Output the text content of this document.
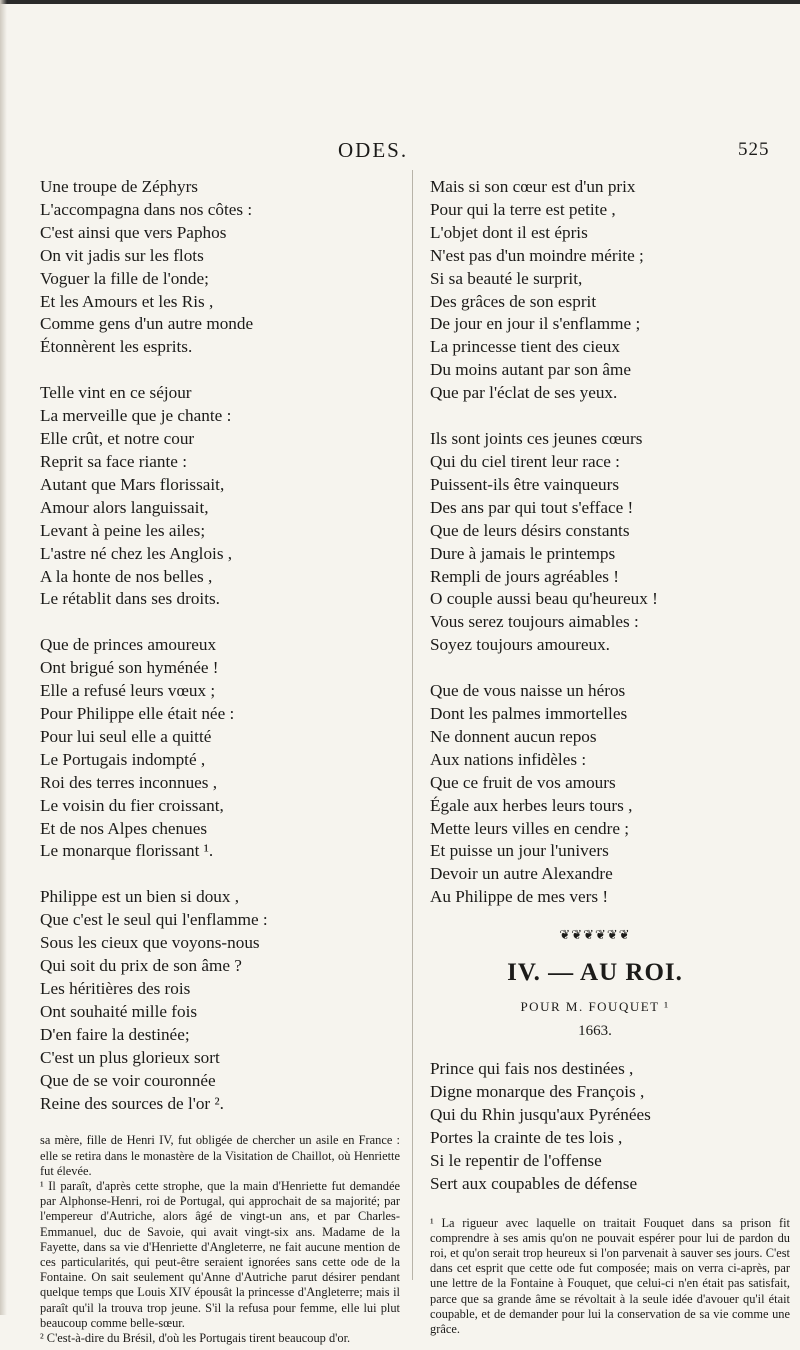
ODES.	525

Une troupe de Zéphyrs
L'accompagna dans nos côtes :
C'est ainsi que vers Paphos
On vit jadis sur les flots
Voguer la fille de l'onde;
Et les Amours et les Ris ,
Comme gens d'un autre monde
Étonnèrent les esprits.

Telle vint en ce séjour
La merveille que je chante :
Elle crût, et notre cour
Reprit sa face riante :
Autant que Mars florissait,
Amour alors languissait,
Levant à peine les ailes;
L'astre né chez les Anglois ,
A la honte de nos belles ,
Le rétablit dans ses droits.

Que de princes amoureux
Ont brigué son hyménée !
Elle a refusé leurs vœux ;
Pour Philippe elle était née :
Pour lui seul elle a quitté
Le Portugais indompté ,
Roi des terres inconnues ,
Le voisin du fier croissant,
Et de nos Alpes chenues
Le monarque florissant ¹.

Philippe est un bien si doux ,
Que c'est le seul qui l'enflamme :
Sous les cieux que voyons-nous
Qui soit du prix de son âme ?
Les héritières des rois
Ont souhaité mille fois
D'en faire la destinée;
C'est un plus glorieux sort
Que de se voir couronnée
Reine des sources de l'or ².

sa mère, fille de Henri IV, fut obligée de chercher un asile en France : elle se retira dans le monastère de la Visitation de Chaillot, où Henriette fut élevée.

¹ Il paraît, d'après cette strophe, que la main d'Henriette fut demandée par Alphonse-Henri, roi de Portugal, qui approchait de sa majorité; par l'empereur d'Autriche, alors âgé de vingt-un ans, et par Charles-Emmanuel, duc de Savoie, qui avait vingt-six ans. Madame de la Fayette, dans sa vie d'Henriette d'Angleterre, ne fait aucune mention de ces particularités, qui peut-être seraient ignorées sans cette ode de la Fontaine. On sait seulement qu'Anne d'Autriche parut désirer pendant quelque temps que Louis XIV épousât la princesse d'Angleterre; mais il paraît qu'il la trouva trop jeune. S'il la refusa pour femme, elle lui plut beaucoup comme belle-sœur.

² C'est-à-dire du Brésil, d'où les Portugais tirent beaucoup d'or.

Mais si son cœur est d'un prix
Pour qui la terre est petite ,
L'objet dont il est épris
N'est pas d'un moindre mérite ;
Si sa beauté le surprit,
Des grâces de son esprit
De jour en jour il s'enflamme ;
La princesse tient des cieux
Du moins autant par son âme
Que par l'éclat de ses yeux.

Ils sont joints ces jeunes cœurs
Qui du ciel tirent leur race :
Puissent-ils être vainqueurs
Des ans par qui tout s'efface !
Que de leurs désirs constants
Dure à jamais le printemps
Rempli de jours agréables !
O couple aussi beau qu'heureux !
Vous serez toujours aimables :
Soyez toujours amoureux.

Que de vous naisse un héros
Dont les palmes immortelles
Ne donnent aucun repos
Aux nations infidèles :
Que ce fruit de vos amours
Égale aux herbes leurs tours ,
Mette leurs villes en cendre ;
Et puisse un jour l'univers
Devoir un autre Alexandre
Au Philippe de mes vers !

❦❦❦❦❦❦
IV. — AU ROI.
POUR M. FOUQUET ¹
1663.

Prince qui fais nos destinées ,
Digne monarque des François ,
Qui du Rhin jusqu'aux Pyrénées
Portes la crainte de tes lois ,
Si le repentir de l'offense
Sert aux coupables de défense

¹ La rigueur avec laquelle on traitait Fouquet dans sa prison fit comprendre à ses amis qu'on ne pouvait espérer pour lui de pardon du roi, et qu'on serait trop heureux si l'on parvenait à sauver ses jours. C'est dans cet esprit que cette ode fut composée; mais on verra ci-après, par une lettre de la Fontaine à Fouquet, que celui-ci n'en était pas satisfait, parce que sa grande âme se révoltait à la seule idée d'avouer qu'il était coupable, et de demander pour lui la conservation de sa vie comme une grâce.
